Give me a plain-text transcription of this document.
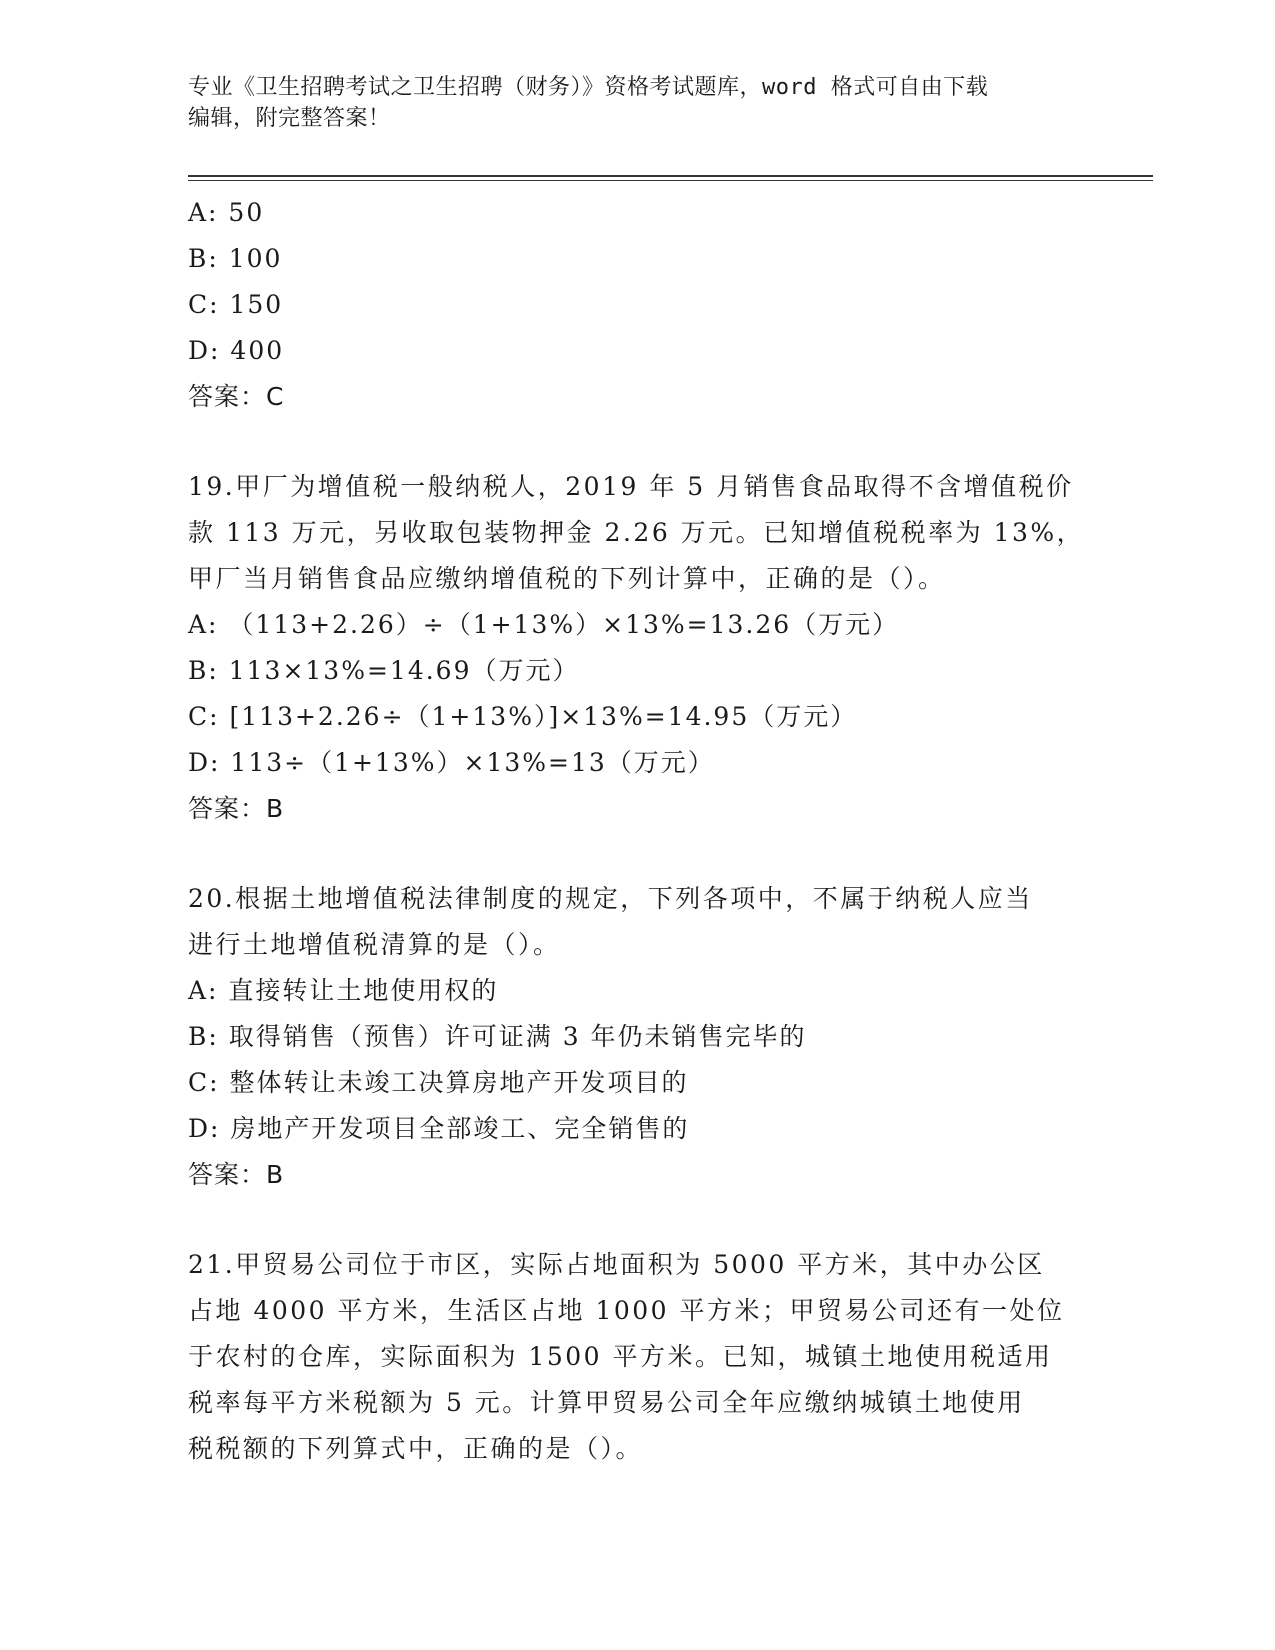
专业《卫生招聘考试之卫生招聘（财务）》资格考试题库，word 格式可自由下载
编辑，附完整答案！
A: 50
B: 100
C: 150
D: 400
答案：C
19.甲厂为增值税一般纳税人，2019 年 5 月销售食品取得不含增值税价
款 113 万元，另收取包装物押金 2.26 万元。已知增值税税率为 13%，
甲厂当月销售食品应缴纳增值税的下列计算中，正确的是（）。
A: （113+2.26）÷（1+13%）×13%=13.26（万元）
B: 113×13%=14.69（万元）
C: [113+2.26÷（1+13%）]×13%=14.95（万元）
D: 113÷（1+13%）×13%=13（万元）
答案：B
20.根据土地增值税法律制度的规定，下列各项中，不属于纳税人应当
进行土地增值税清算的是（）。
A: 直接转让土地使用权的
B: 取得销售（预售）许可证满 3 年仍未销售完毕的
C: 整体转让未竣工决算房地产开发项目的
D: 房地产开发项目全部竣工、完全销售的
答案：B
21.甲贸易公司位于市区，实际占地面积为 5000 平方米，其中办公区
占地 4000 平方米，生活区占地 1000 平方米；甲贸易公司还有一处位
于农村的仓库，实际面积为 1500 平方米。已知，城镇土地使用税适用
税率每平方米税额为 5 元。计算甲贸易公司全年应缴纳城镇土地使用
税税额的下列算式中，正确的是（）。
